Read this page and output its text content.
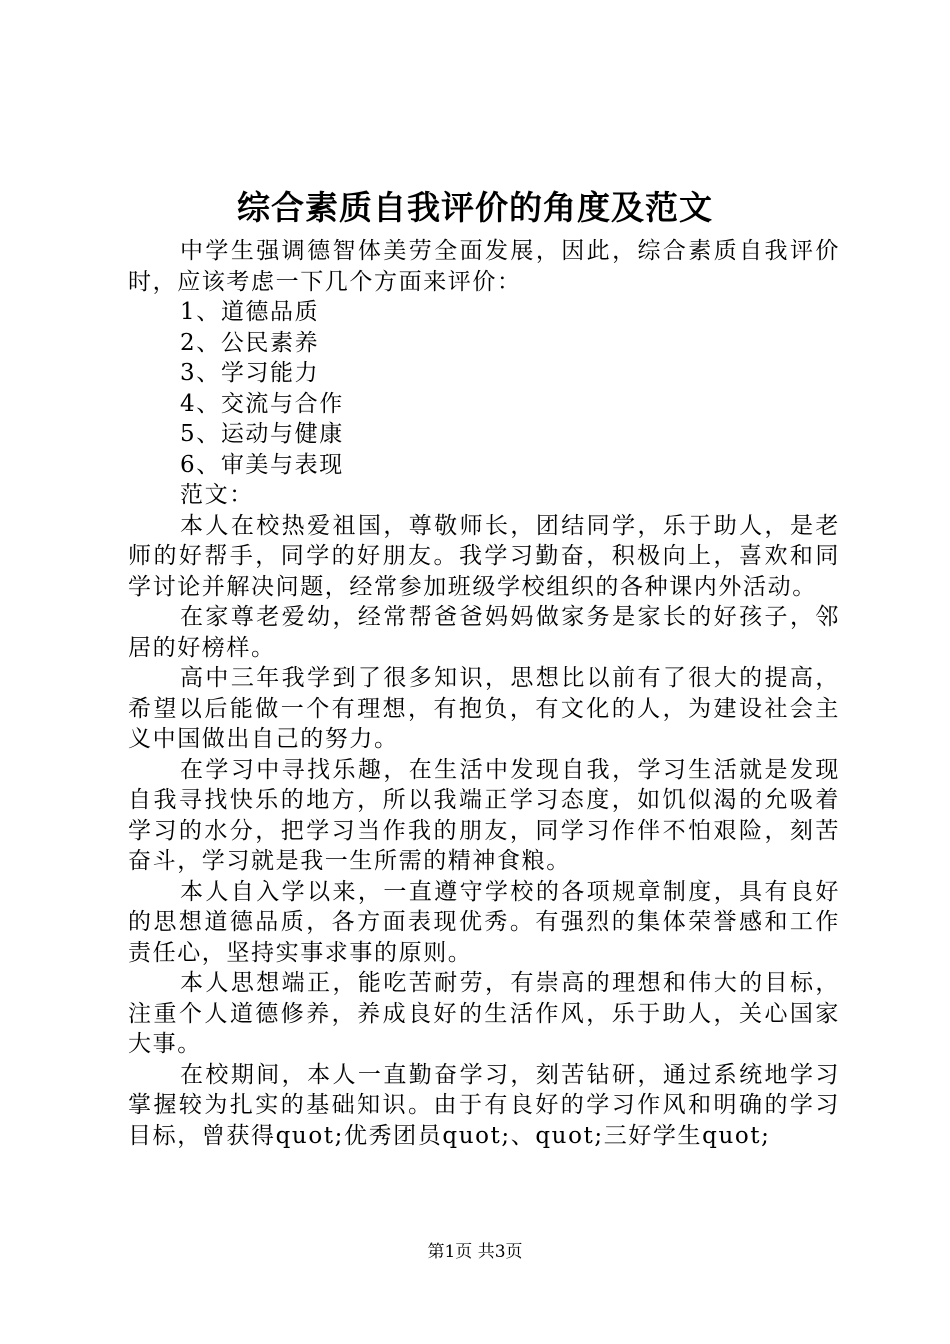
综合素质自我评价的角度及范文

中学生强调德智体美劳全面发展，因此，综合素质自我评价时，应该考虑一下几个方面来评价：

1、道德品质

2、公民素养

3、学习能力

4、交流与合作

5、运动与健康

6、审美与表现

范文：

本人在校热爱祖国，尊敬师长，团结同学，乐于助人，是老师的好帮手，同学的好朋友。我学习勤奋，积极向上，喜欢和同学讨论并解决问题，经常参加班级学校组织的各种课内外活动。

在家尊老爱幼，经常帮爸爸妈妈做家务是家长的好孩子，邻居的好榜样。

高中三年我学到了很多知识，思想比以前有了很大的提高，希望以后能做一个有理想，有抱负，有文化的人，为建设社会主义中国做出自己的努力。

在学习中寻找乐趣，在生活中发现自我，学习生活就是发现自我寻找快乐的地方，所以我端正学习态度，如饥似渴的允吸着学习的水分，把学习当作我的朋友，同学习作伴不怕艰险，刻苦奋斗，学习就是我一生所需的精神食粮。

本人自入学以来，一直遵守学校的各项规章制度，具有良好的思想道德品质，各方面表现优秀。有强烈的集体荣誉感和工作责任心，坚持实事求事的原则。

本人思想端正，能吃苦耐劳，有崇高的理想和伟大的目标，注重个人道德修养，养成良好的生活作风，乐于助人，关心国家大事。

在校期间，本人一直勤奋学习，刻苦钻研，通过系统地学习掌握较为扎实的基础知识。由于有良好的学习作风和明确的学习目标，曾获得quot;优秀团员quot;、quot;三好学生quot;

第1页 共3页
